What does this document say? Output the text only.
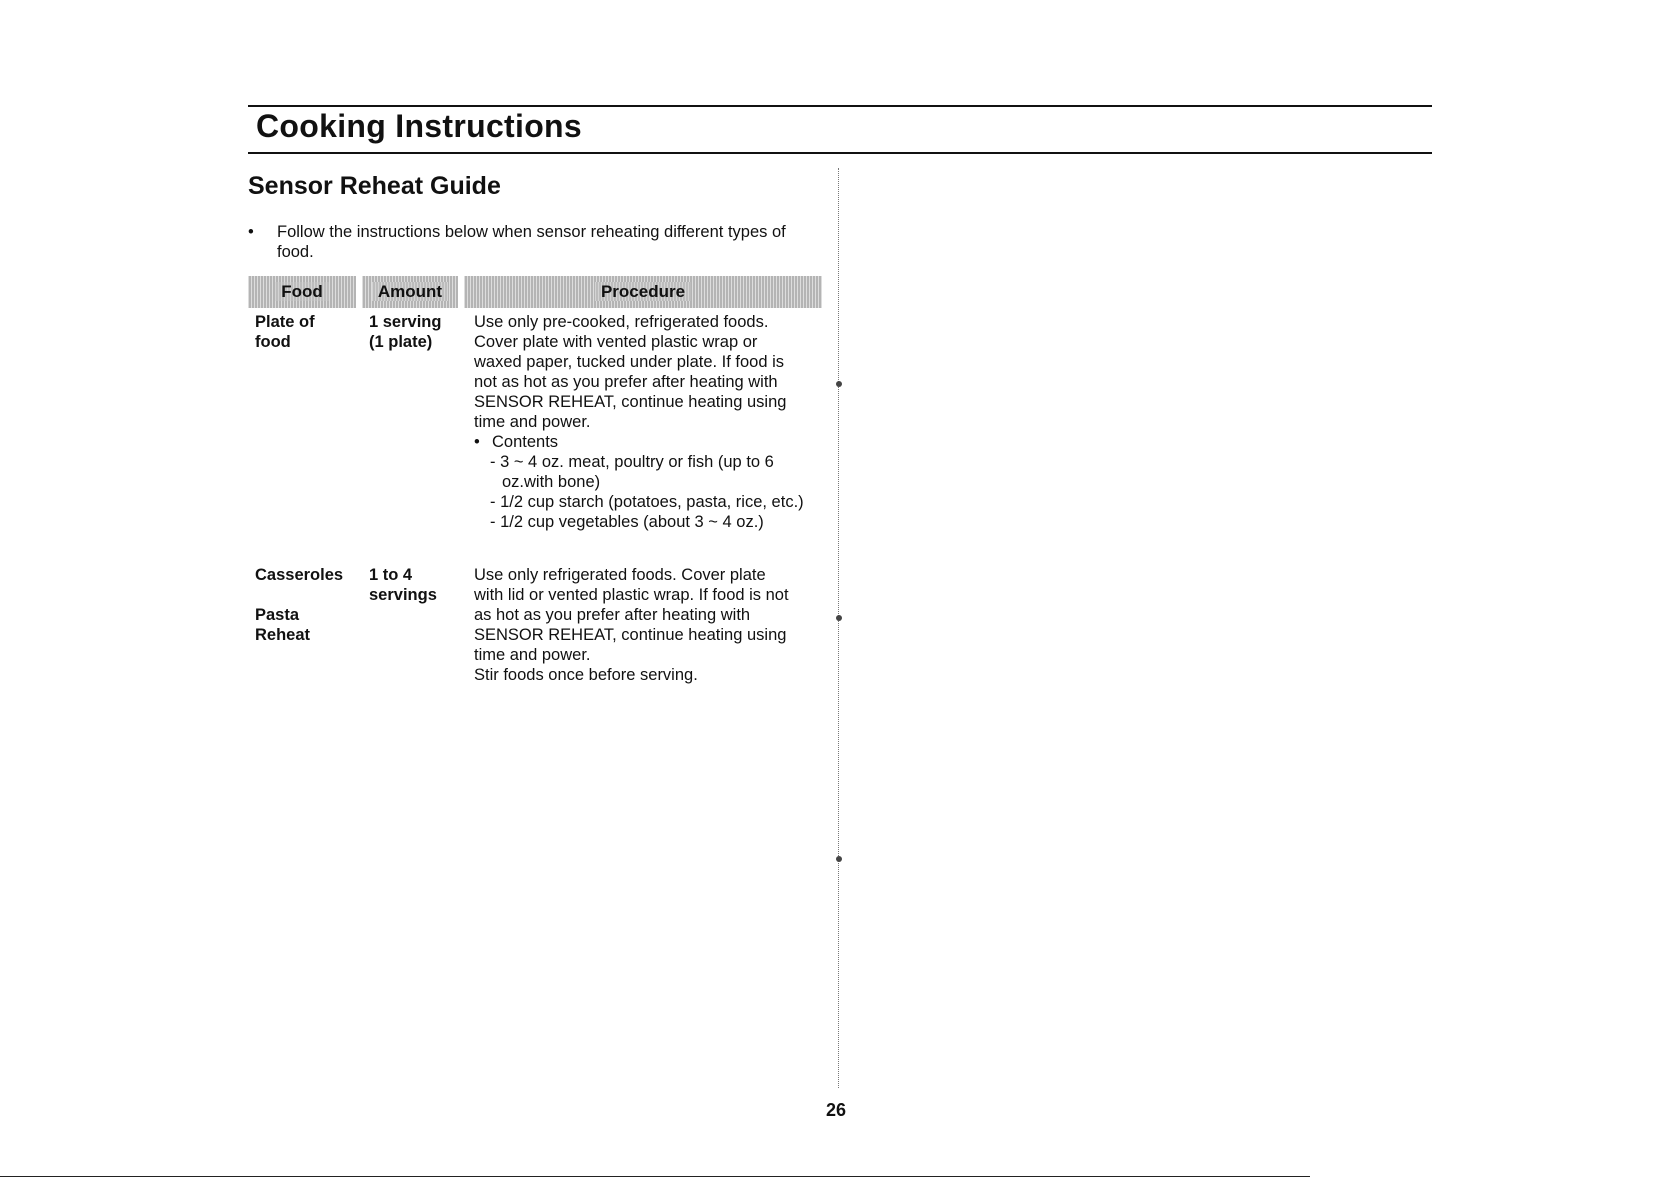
Cooking Instructions
Sensor Reheat Guide
• Follow the instructions below when sensor reheating different types of food.
Food	Amount	Procedure
Plate of
food
1 serving
(1 plate)
Use only pre-cooked, refrigerated foods.
Cover plate with vented plastic wrap or
waxed paper, tucked under plate. If food is
not as hot as you prefer after heating with
SENSOR REHEAT, continue heating using
time and power.
• Contents
- 3 ~ 4 oz. meat, poultry or fish (up to 6 oz.with bone)
- 1/2 cup starch (potatoes, pasta, rice, etc.)
- 1/2 cup vegetables (about 3 ~ 4 oz.)
Casseroles
Pasta
Reheat
1 to 4
servings
Use only refrigerated foods. Cover plate
with lid or vented plastic wrap. If food is not
as hot as you prefer after heating with
SENSOR REHEAT, continue heating using
time and power.
Stir foods once before serving.
26
